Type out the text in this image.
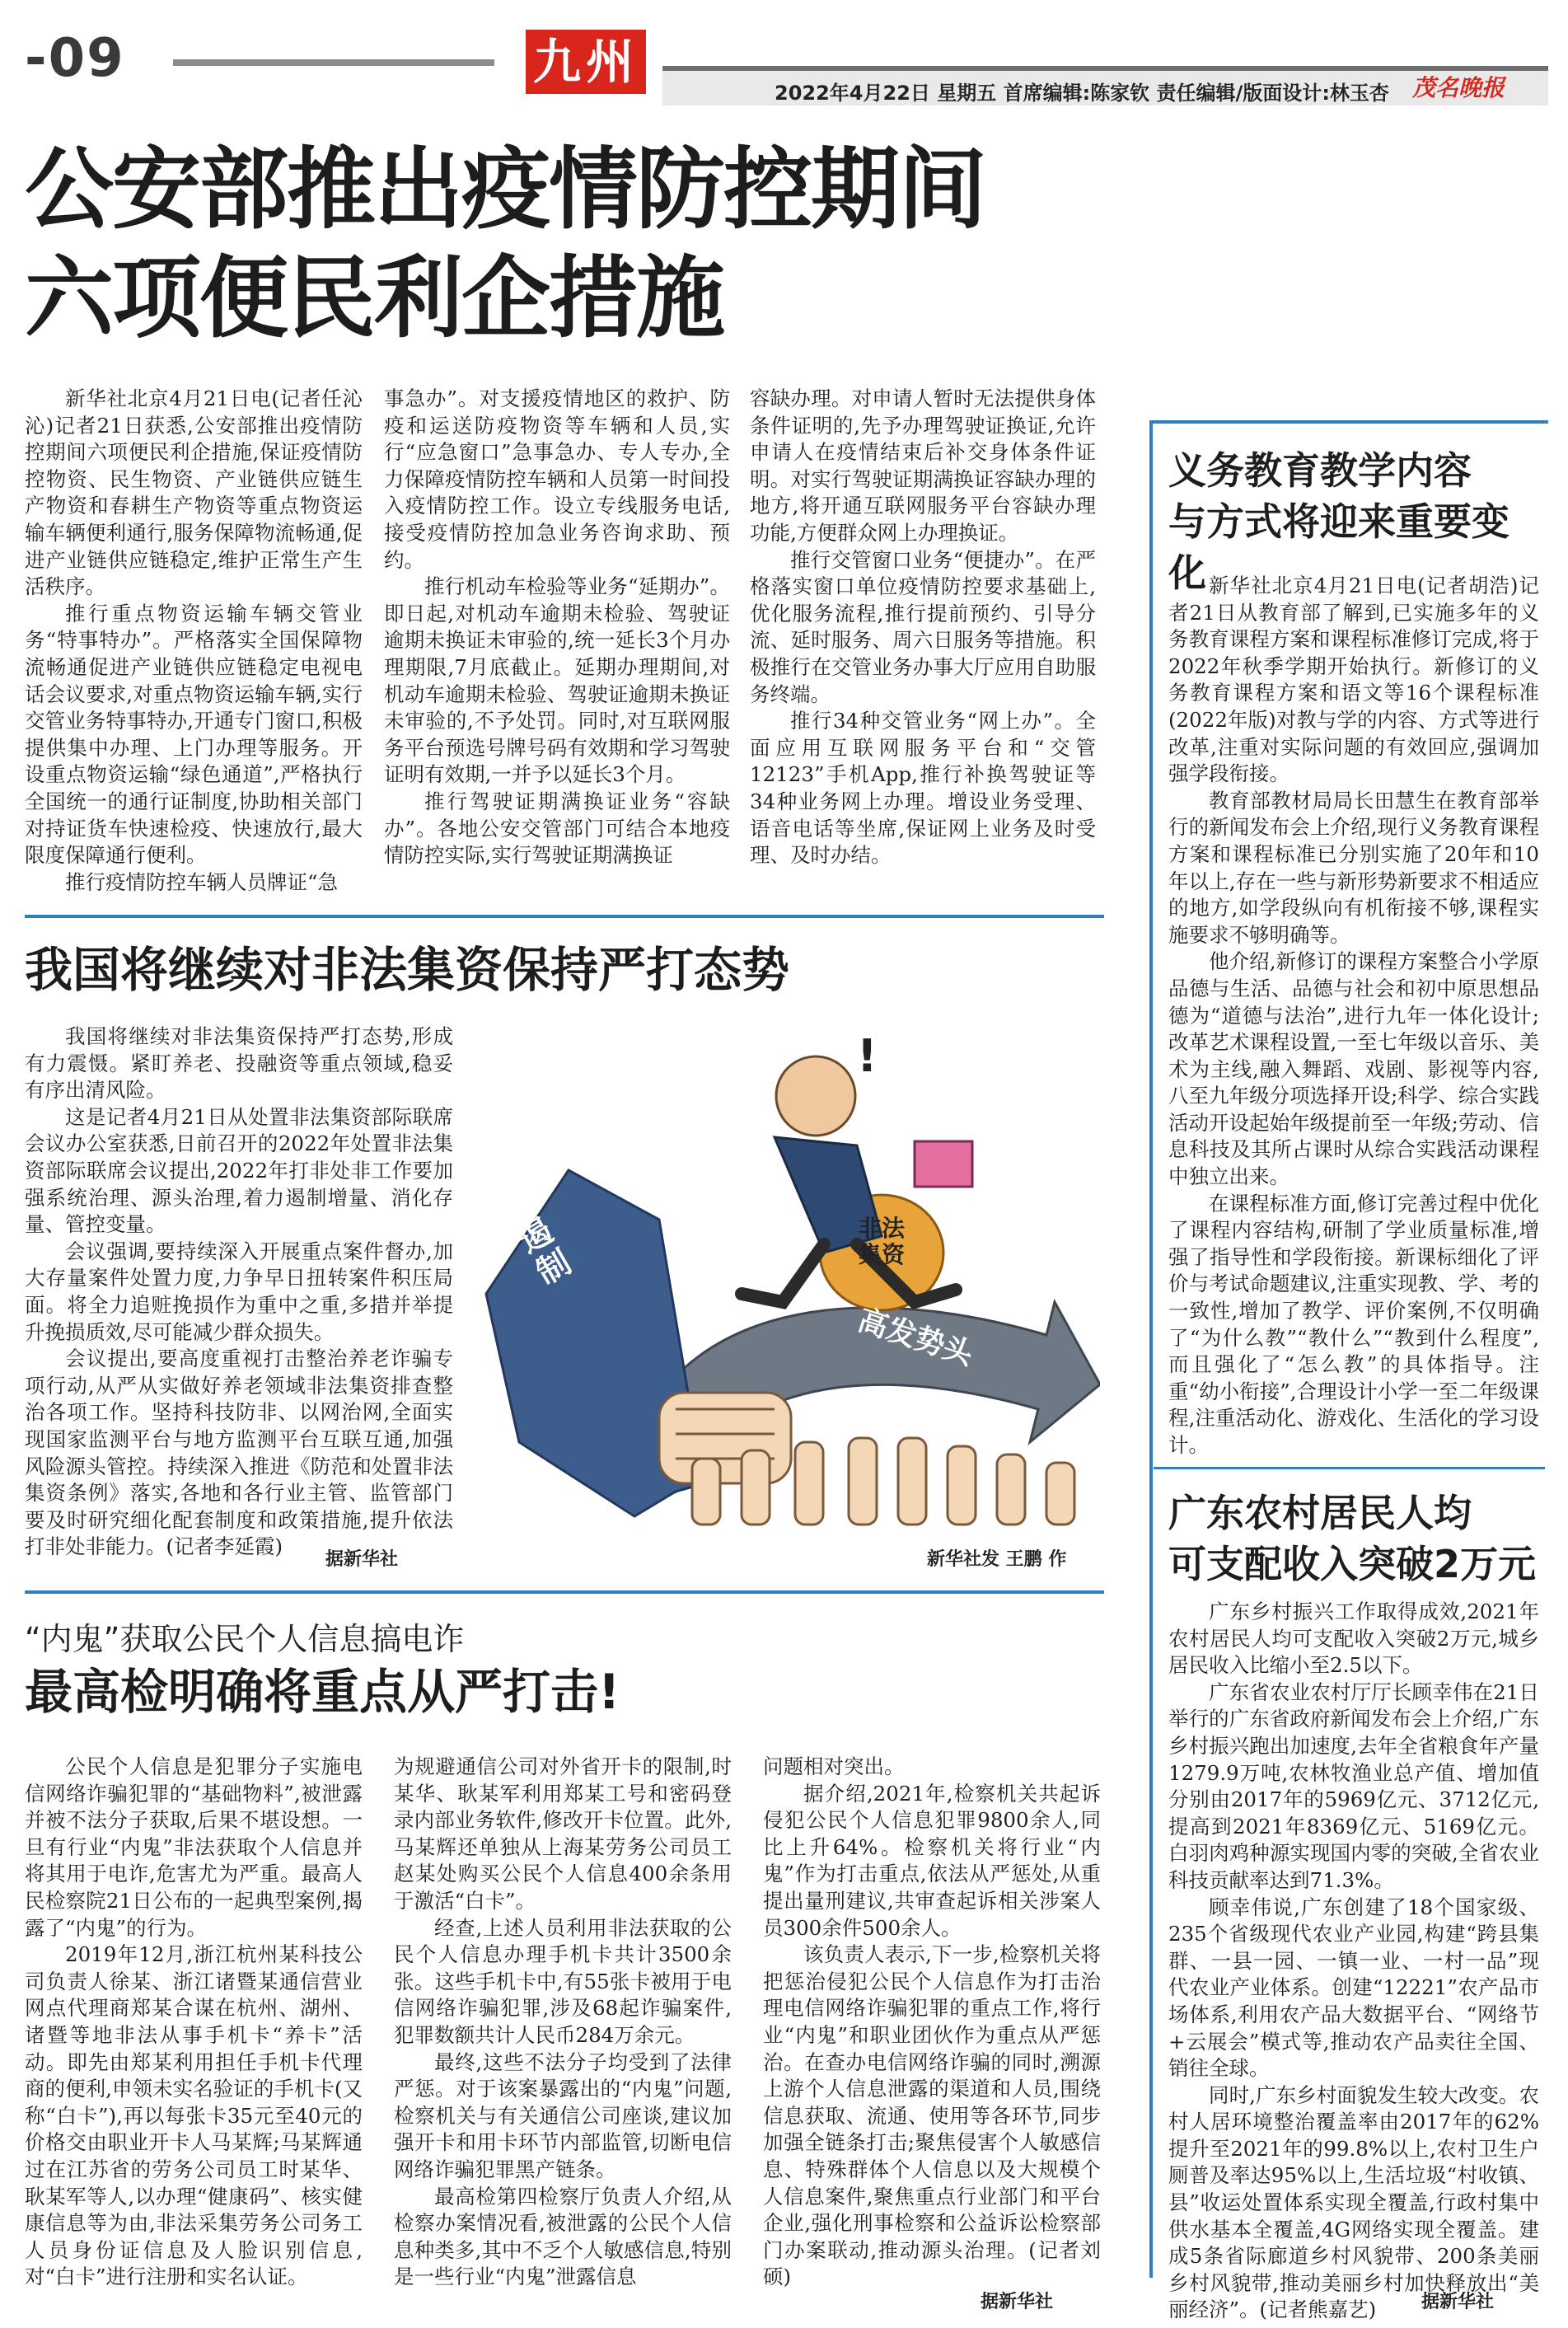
-09	九州
2022年4月22日 星期五 首席编辑:陈家钦 责任编辑/版面设计:林玉杏 茂名晚报
公安部推出疫情防控期间
六项便民利企措施

新华社北京4月21日电(记者任沁沁)记者21日获悉,公安部推出疫情防控期间六项便民利企措施,保证疫情防控物资、民生物资、产业链供应链生产物资和春耕生产物资等重点物资运输车辆便利通行,服务保障物流畅通,促进产业链供应链稳定,维护正常生产生活秩序。

推行重点物资运输车辆交管业务“特事特办”。严格落实全国保障物流畅通促进产业链供应链稳定电视电话会议要求,对重点物资运输车辆,实行交管业务特事特办,开通专门窗口,积极提供集中办理、上门办理等服务。开设重点物资运输“绿色通道”,严格执行全国统一的通行证制度,协助相关部门对持证货车快速检疫、快速放行,最大限度保障通行便利。

推行疫情防控车辆人员牌证“急

事急办”。对支援疫情地区的救护、防疫和运送防疫物资等车辆和人员,实行“应急窗口”急事急办、专人专办,全力保障疫情防控车辆和人员第一时间投入疫情防控工作。设立专线服务电话,接受疫情防控加急业务咨询求助、预约。

推行机动车检验等业务“延期办”。即日起,对机动车逾期未检验、驾驶证逾期未换证未审验的,统一延长3个月办理期限,7月底截止。延期办理期间,对机动车逾期未检验、驾驶证逾期未换证未审验的,不予处罚。同时,对互联网服务平台预选号牌号码有效期和学习驾驶证明有效期,一并予以延长3个月。

推行驾驶证期满换证业务“容缺办”。各地公安交管部门可结合本地疫情防控实际,实行驾驶证期满换证

容缺办理。对申请人暂时无法提供身体条件证明的,先予办理驾驶证换证,允许申请人在疫情结束后补交身体条件证明。对实行驾驶证期满换证容缺办理的地方,将开通互联网服务平台容缺办理功能,方便群众网上办理换证。

推行交管窗口业务“便捷办”。在严格落实窗口单位疫情防控要求基础上,优化服务流程,推行提前预约、引导分流、延时服务、周六日服务等措施。积极推行在交管业务办事大厅应用自助服务终端。

推行34种交管业务“网上办”。全面应用互联网服务平台和“交管12123”手机App,推行补换驾驶证等34种业务网上办理。增设业务受理、语音电话等坐席,保证网上业务及时受理、及时办结。

义务教育教学内容
与方式将迎来重要变化 新华社北京4月21日电(记者胡浩)记者21日从教育部了解到,已实施多年的义务教育课程方案和课程标准修订完成,将于2022年秋季学期开始执行。新修订的义务教育课程方案和语文等16个课程标准(2022年版)对教与学的内容、方式等进行改革,注重对实际问题的有效回应,强调加强学段衔接。

教育部教材局局长田慧生在教育部举行的新闻发布会上介绍,现行义务教育课程方案和课程标准已分别实施了20年和10年以上,存在一些与新形势新要求不相适应的地方,如学段纵向有机衔接不够,课程实施要求不够明确等。

他介绍,新修订的课程方案整合小学原品德与生活、品德与社会和初中原思想品德为“道德与法治”,进行九年一体化设计;改革艺术课程设置,一至七年级以音乐、美术为主线,融入舞蹈、戏剧、影视等内容,八至九年级分项选择开设;科学、综合实践活动开设起始年级提前至一年级;劳动、信息科技及其所占课时从综合实践活动课程中独立出来。

在课程标准方面,修订完善过程中优化了课程内容结构,研制了学业质量标准,增强了指导性和学段衔接。新课标细化了评价与考试命题建议,注重实现教、学、考的一致性,增加了教学、评价案例,不仅明确了“为什么教”“教什么”“教到什么程度”,而且强化了“怎么教”的具体指导。注重“幼小衔接”,合理设计小学一至二年级课程,注重活动化、游戏化、生活化的学习设计。

广东农村居民人均
可支配收入突破2万元

广东乡村振兴工作取得成效,2021年农村居民人均可支配收入突破2万元,城乡居民收入比缩小至2.5以下。

广东省农业农村厅厅长顾幸伟在21日举行的广东省政府新闻发布会上介绍,广东乡村振兴跑出加速度,去年全省粮食年产量1279.9万吨,农林牧渔业总产值、增加值分别由2017年的5969亿元、3712亿元,提高到2021年8369亿元、5169亿元。白羽肉鸡种源实现国内零的突破,全省农业科技贡献率达到71.3%。

顾幸伟说,广东创建了18个国家级、235个省级现代农业产业园,构建“跨县集群、一县一园、一镇一业、一村一品”现代农业产业体系。创建“12221”农产品市场体系,利用农产品大数据平台、“网络节+云展会”模式等,推动农产品卖往全国、销往全球。

同时,广东乡村面貌发生较大改变。农村人居环境整治覆盖率由2017年的62%提升至2021年的99.8%以上,农村卫生户厕普及率达95%以上,生活垃圾“村收镇、县”收运处置体系实现全覆盖,行政村集中供水基本全覆盖,4G网络实现全覆盖。建成5条省际廊道乡村风貌带、200条美丽乡村风貌带,推动美丽乡村加快释放出“美丽经济”。(记者熊嘉艺)	据新华社
我国将继续对非法集资保持严打态势

我国将继续对非法集资保持严打态势,形成有力震慑。紧盯养老、投融资等重点领域,稳妥有序出清风险。

这是记者4月21日从处置非法集资部际联席会议办公室获悉,日前召开的2022年处置非法集资部际联席会议提出,2022年打非处非工作要加强系统治理、源头治理,着力遏制增量、消化存量、管控变量。

会议强调,要持续深入开展重点案件督办,加大存量案件处置力度,力争早日扭转案件积压局面。将全力追赃挽损作为重中之重,多措并举提升挽损质效,尽可能减少群众损失。

会议提出,要高度重视打击整治养老诈骗专项行动,从严从实做好养老领域非法集资排查整治各项工作。坚持科技防非、以网治网,全面实现国家监测平台与地方监测平台互联互通,加强风险源头管控。持续深入推进《防范和处置非法集资条例》落实,各地和各行业主管、监管部门要及时研究细化配套制度和政策措施,提升依法打非处非能力。(记者李延霞)

据新华社
!
坚决遏制
非法集资
高发势头
新华社发 王鹏 作
“内鬼”获取公民个人信息搞电诈
最高检明确将重点从严打击!

公民个人信息是犯罪分子实施电信网络诈骗犯罪的“基础物料”,被泄露并被不法分子获取,后果不堪设想。一旦有行业“内鬼”非法获取个人信息并将其用于电诈,危害尤为严重。最高人民检察院21日公布的一起典型案例,揭露了“内鬼”的行为。

2019年12月,浙江杭州某科技公司负责人徐某、浙江诸暨某通信营业网点代理商郑某合谋在杭州、湖州、诸暨等地非法从事手机卡“养卡”活动。即先由郑某利用担任手机卡代理商的便利,申领未实名验证的手机卡(又称“白卡”),再以每张卡35元至40元的价格交由职业开卡人马某辉;马某辉通过在江苏省的劳务公司员工时某华、耿某军等人,以办理“健康码”、核实健康信息等为由,非法采集劳务公司务工人员身份证信息及人脸识别信息,对“白卡”进行注册和实名认证。

为规避通信公司对外省开卡的限制,时某华、耿某军利用郑某工号和密码登录内部业务软件,修改开卡位置。此外,马某辉还单独从上海某劳务公司员工赵某处购买公民个人信息400余条用于激活“白卡”。

经查,上述人员利用非法获取的公民个人信息办理手机卡共计3500余张。这些手机卡中,有55张卡被用于电信网络诈骗犯罪,涉及68起诈骗案件,犯罪数额共计人民币284万余元。

最终,这些不法分子均受到了法律严惩。对于该案暴露出的“内鬼”问题,检察机关与有关通信公司座谈,建议加强开卡和用卡环节内部监管,切断电信网络诈骗犯罪黑产链条。

最高检第四检察厅负责人介绍,从检察办案情况看,被泄露的公民个人信息种类多,其中不乏个人敏感信息,特别是一些行业“内鬼”泄露信息

问题相对突出。

据介绍,2021年,检察机关共起诉侵犯公民个人信息犯罪9800余人,同比上升64%。检察机关将行业“内鬼”作为打击重点,依法从严惩处,从重提出量刑建议,共审查起诉相关涉案人员300余件500余人。

该负责人表示,下一步,检察机关将把惩治侵犯公民个人信息作为打击治理电信网络诈骗犯罪的重点工作,将行业“内鬼”和职业团伙作为重点从严惩治。在查办电信网络诈骗的同时,溯源上游个人信息泄露的渠道和人员,围绕信息获取、流通、使用等各环节,同步加强全链条打击;聚焦侵害个人敏感信息、特殊群体个人信息以及大规模个人信息案件,聚焦重点行业部门和平台企业,强化刑事检察和公益诉讼检察部门办案联动,推动源头治理。(记者刘硕)

据新华社
